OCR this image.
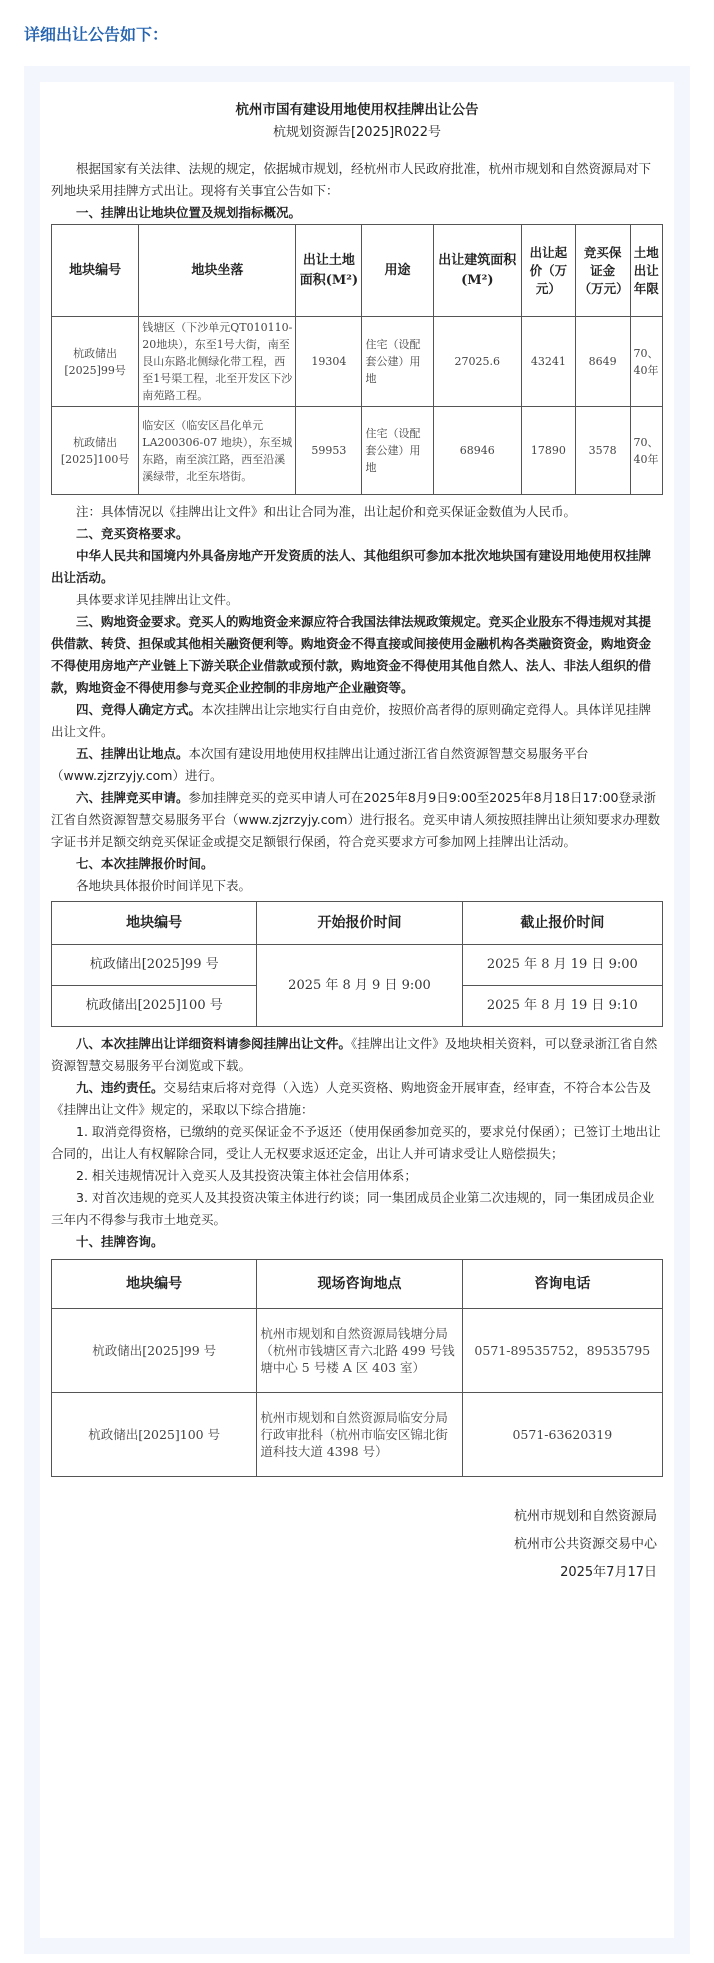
详细出让公告如下：
杭州市国有建设用地使用权挂牌出让公告
杭规划资源告[2025]R022号

根据国家有关法律、法规的规定，依据城市规划，经杭州市人民政府批准，杭州市规划和自然资源局对下列地块采用挂牌方式出让。现将有关事宜公告如下：

一、挂牌出让地块位置及规划指标概况。

地块编号	地块坐落	出让土地面积(M²)	用途	出让建筑面积(M²)	出让起价（万元）	竞买保证金（万元）	土地出让年限
杭政储出[2025]99号	钱塘区（下沙单元QT010110-20地块），东至1号大街，南至艮山东路北侧绿化带工程，西至1号渠工程，北至开发区下沙南苑路工程。	19304	住宅（设配套公建）用地	27025.6	43241	8649	70、40年
杭政储出[2025]100号	临安区（临安区昌化单元LA200306-07 地块），东至城东路，南至滨江路，西至沿溪溪绿带，北至东塔街。	59953	住宅（设配套公建）用地	68946	17890	3578	70、40年

注：具体情况以《挂牌出让文件》和出让合同为准，出让起价和竞买保证金数值为人民币。

二、竞买资格要求。

中华人民共和国境内外具备房地产开发资质的法人、其他组织可参加本批次地块国有建设用地使用权挂牌出让活动。

具体要求详见挂牌出让文件。

三、购地资金要求。竞买人的购地资金来源应符合我国法律法规政策规定。竞买企业股东不得违规对其提供借款、转贷、担保或其他相关融资便利等。购地资金不得直接或间接使用金融机构各类融资资金，购地资金不得使用房地产产业链上下游关联企业借款或预付款，购地资金不得使用其他自然人、法人、非法人组织的借款，购地资金不得使用参与竞买企业控制的非房地产企业融资等。

四、竞得人确定方式。本次挂牌出让宗地实行自由竞价，按照价高者得的原则确定竞得人。具体详见挂牌出让文件。

五、挂牌出让地点。本次国有建设用地使用权挂牌出让通过浙江省自然资源智慧交易服务平台（www.zjzrzyjy.com）进行。

六、挂牌竞买申请。参加挂牌竞买的竞买申请人可在2025年8月9日9:00至2025年8月18日17:00登录浙江省自然资源智慧交易服务平台（www.zjzrzyjy.com）进行报名。竞买申请人须按照挂牌出让须知要求办理数字证书并足额交纳竞买保证金或提交足额银行保函，符合竞买要求方可参加网上挂牌出让活动。

七、本次挂牌报价时间。

各地块具体报价时间详见下表。

地块编号	开始报价时间	截止报价时间
杭政储出[2025]99 号	2025 年 8 月 9 日 9:00	2025 年 8 月 19 日 9:00
杭政储出[2025]100 号		2025 年 8 月 19 日 9:10

八、本次挂牌出让详细资料请参阅挂牌出让文件。《挂牌出让文件》及地块相关资料，可以登录浙江省自然资源智慧交易服务平台浏览或下载。

九、违约责任。交易结束后将对竞得（入选）人竞买资格、购地资金开展审查，经审查，不符合本公告及《挂牌出让文件》规定的，采取以下综合措施：

1. 取消竞得资格，已缴纳的竞买保证金不予返还（使用保函参加竞买的，要求兑付保函）；已签订土地出让合同的，出让人有权解除合同，受让人无权要求返还定金，出让人并可请求受让人赔偿损失；

2. 相关违规情况计入竞买人及其投资决策主体社会信用体系；

3. 对首次违规的竞买人及其投资决策主体进行约谈；同一集团成员企业第二次违规的，同一集团成员企业三年内不得参与我市土地竞买。

十、挂牌咨询。

地块编号	现场咨询地点	咨询电话
杭政储出[2025]99 号	杭州市规划和自然资源局钱塘分局（杭州市钱塘区青六北路 499 号钱塘中心 5 号楼 A 区 403 室）	0571-89535752，89535795
杭政储出[2025]100 号	杭州市规划和自然资源局临安分局行政审批科（杭州市临安区锦北街道科技大道 4398 号）	0571-63620319
杭州市规划和自然资源局
杭州市公共资源交易中心
2025年7月17日
